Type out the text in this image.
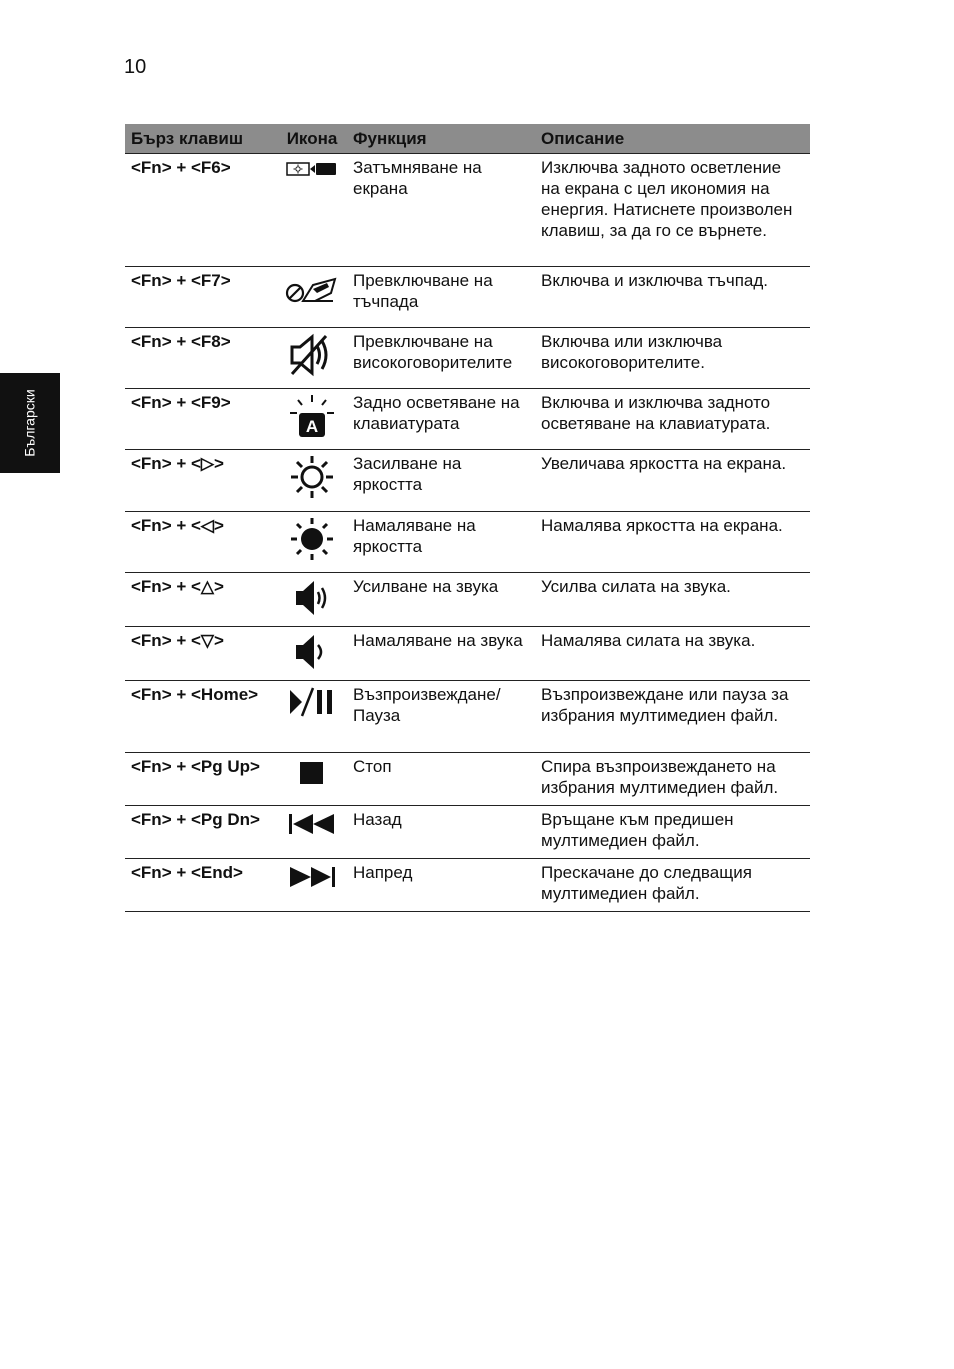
10
Български
Бърз клавиш	Икона	Функция	Описание
<Fn> + <F6>		Затъмняване на екрана	Изключва задното осветление на екрана с цел икономия на енергия. Натиснете произволен клавиш, за да го се върнете.
<Fn> + <F7>		Превключване на тъчпада	Включва и изключва тъчпад.
<Fn> + <F8>		Превключване на високоговорителите	Включва или изключва високоговорителите.
<Fn> + <F9>	A	Задно осветяване на клавиатурата	Включва и изключва задното осветяване на клавиатурата.
<Fn> + <▷>		Засилване на яркостта	Увеличава яркостта на екрана.
<Fn> + <◁>		Намаляване на яркостта	Намалява яркостта на екрана.
<Fn> + <△>		Усилване на звука	Усилва силата на звука.
<Fn> + <▽>		Намаляване на звука	Намалява силата на звука.
<Fn> + <Home>		Възпроизвеждане/ Пауза	Възпроизвеждане или пауза за избрания мултимедиен файл.
<Fn> + <Pg Up>		Стоп	Спира възпроизвеждането на избрания мултимедиен файл.
<Fn> + <Pg Dn>		Назад	Връщане към предишен мултимедиен файл.
<Fn> + <End>		Напред	Прескачане до следващия мултимедиен файл.
